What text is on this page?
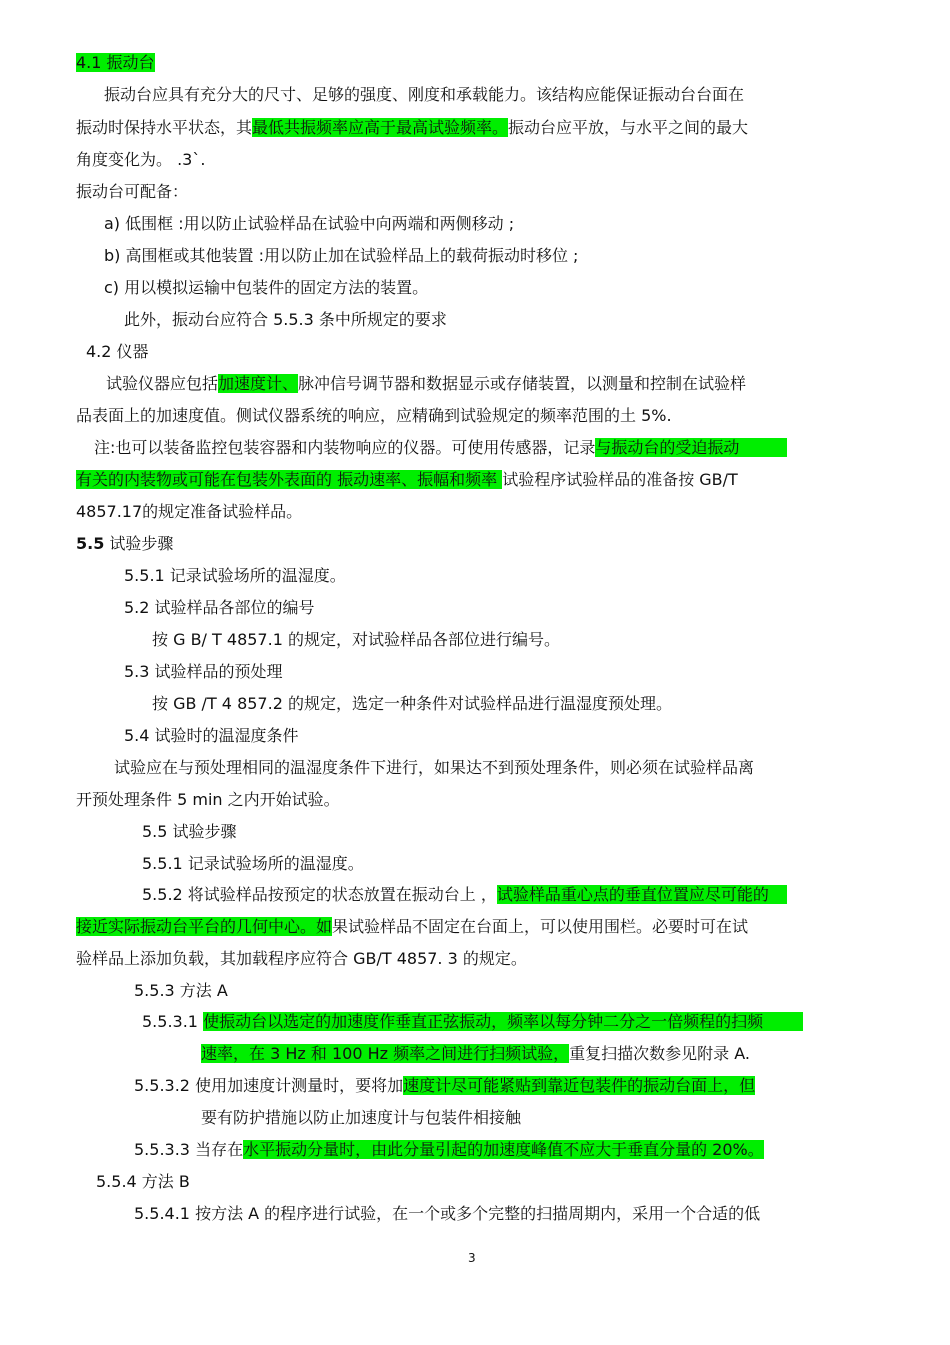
4.1 振动台
振动台应具有充分大的尺寸、足够的强度、刚度和承载能力。该结构应能保证振动台台面在
振动时保持水平状态，其最低共振频率应高于最高试验频率。振动台应平放，与水平之间的最大
角度变化为。 .3`.
振动台可配备：
a) 低围框 :用以防止试验样品在试验中向两端和两侧移动 ;
b) 高围框或其他装置 :用以防止加在试验样品上的载荷振动时移位 ;
c) 用以模拟运输中包装件的固定方法的装置。
此外，振动台应符合 5.5.3 条中所规定的要求
4.2 仪器
试验仪器应包括加速度计、脉冲信号调节器和数据显示或存储装置，以测量和控制在试验样
品表面上的加速度值。侧试仪器系统的响应，应精确到试验规定的频率范围的土 5%.
注:也可以装备监控包装容器和内装物响应的仪器。可使用传感器，记录与振动台的受迫振动
有关的内装物或可能在包装外表面的 振动速率、振幅和频率 试验程序试验样品的准备按 GB/T
4857.17的规定准备试验样品。
5.5 试验步骤
5.5.1 记录试验场所的温湿度。
5.2 试验样品各部位的编号
按 G B/ T 4857.1 的规定，对试验样品各部位进行编号。
5.3 试验样品的预处理
按 GB /T 4 857.2 的规定，选定一种条件对试验样品进行温湿度预处理。
5.4 试验时的温湿度条件
试验应在与预处理相同的温湿度条件下进行，如果达不到预处理条件，则必须在试验样品离
开预处理条件 5 min 之内开始试验。
5.5 试验步骤
5.5.1 记录试验场所的温湿度。
5.5.2 将试验样品按预定的状态放置在振动台上 ，试验样品重心点的垂直位置应尽可能的
接近实际振动台平台的几何中心。如果试验样品不固定在台面上，可以使用围栏。必要时可在试
验样品上添加负载，其加载程序应符合 GB/T 4857. 3 的规定。
5.5.3 方法 A
5.5.3.1 使振动台以选定的加速度作垂直正弦振动，频率以每分钟二分之一倍频程的扫频
速率，在 3 Hz 和 100 Hz 频率之间进行扫频试验，重复扫描次数参见附录 A.
5.5.3.2 使用加速度计测量时，要将加速度计尽可能紧贴到靠近包装件的振动台面上，但
要有防护措施以防止加速度计与包装件相接触
5.5.3.3 当存在水平振动分量时，由此分量引起的加速度峰值不应大于垂直分量的 20%。
5.5.4 方法 B
5.5.4.1 按方法 A 的程序进行试验，在一个或多个完整的扫描周期内，采用一个合适的低
3
